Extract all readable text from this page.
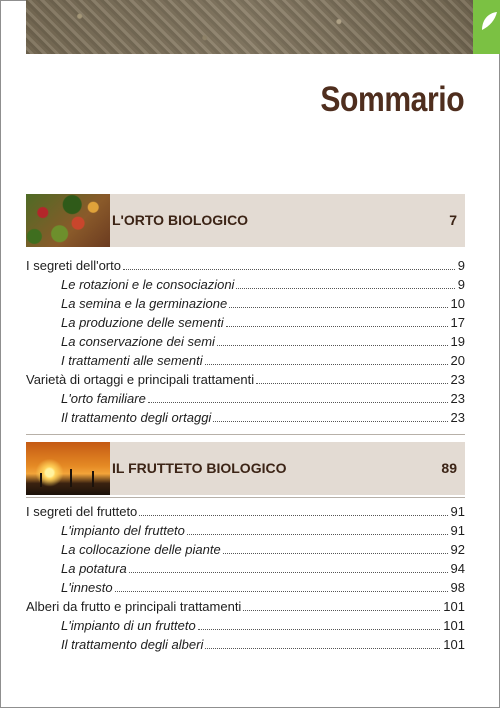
Sommario
L'ORTO BIOLOGICO	7
I segreti dell'orto	9
Le rotazioni e le consociazioni	9
La semina e la germinazione	10
La produzione delle sementi	17
La conservazione dei semi	19
I trattamenti alle sementi	20
Varietà di ortaggi e principali trattamenti	23
L'orto familiare	23
Il trattamento degli ortaggi	23
IL FRUTTETO BIOLOGICO	89
I segreti del frutteto	91
L'impianto del frutteto	91
La collocazione delle piante	92
La potatura	94
L'innesto	98
Alberi da frutto e principali trattamenti	101
L'impianto di un frutteto	101
Il trattamento degli alberi	101
